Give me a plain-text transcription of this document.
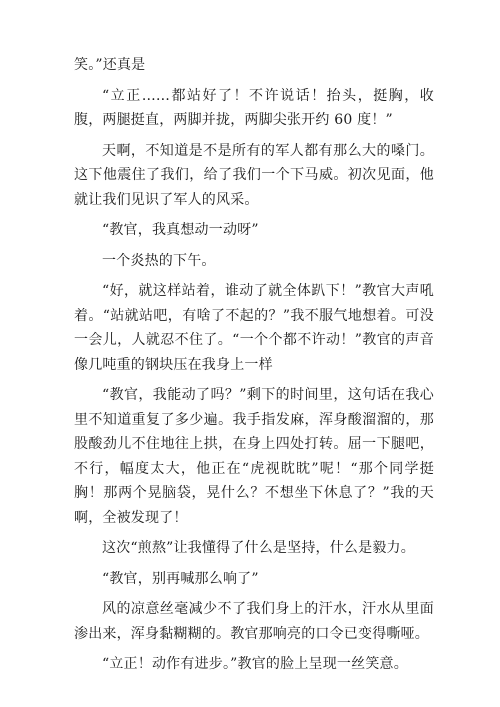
笑。”还真是

“立正……都站好了！不许说话！抬头，挺胸，收腹，两腿挺直，两脚并拢，两脚尖张开约 60 度！”

天啊，不知道是不是所有的军人都有那么大的嗓门。这下他震住了我们，给了我们一个下马威。初次见面，他就让我们见识了军人的风采。

“教官，我真想动一动呀”

一个炎热的下午。

“好，就这样站着，谁动了就全体趴下！”教官大声吼着。“站就站吧，有啥了不起的？”我不服气地想着。可没一会儿，人就忍不住了。“一个个都不许动！”教官的声音像几吨重的钢块压在我身上一样

“教官，我能动了吗？”剩下的时间里，这句话在我心里不知道重复了多少遍。我手指发麻，浑身酸溜溜的，那股酸劲儿不住地往上拱，在身上四处打转。屈一下腿吧，不行，幅度太大，他正在“虎视眈眈”呢！“那个同学挺胸！那两个晃脑袋，晃什么？不想坐下休息了？”我的天啊，全被发现了！

这次“煎熬”让我懂得了什么是坚持，什么是毅力。

“教官，别再喊那么响了”

风的凉意丝毫减少不了我们身上的汗水，汗水从里面渗出来，浑身黏糊糊的。教官那响亮的口令已变得嘶哑。

“立正！动作有进步。”教官的脸上呈现一丝笑意。
